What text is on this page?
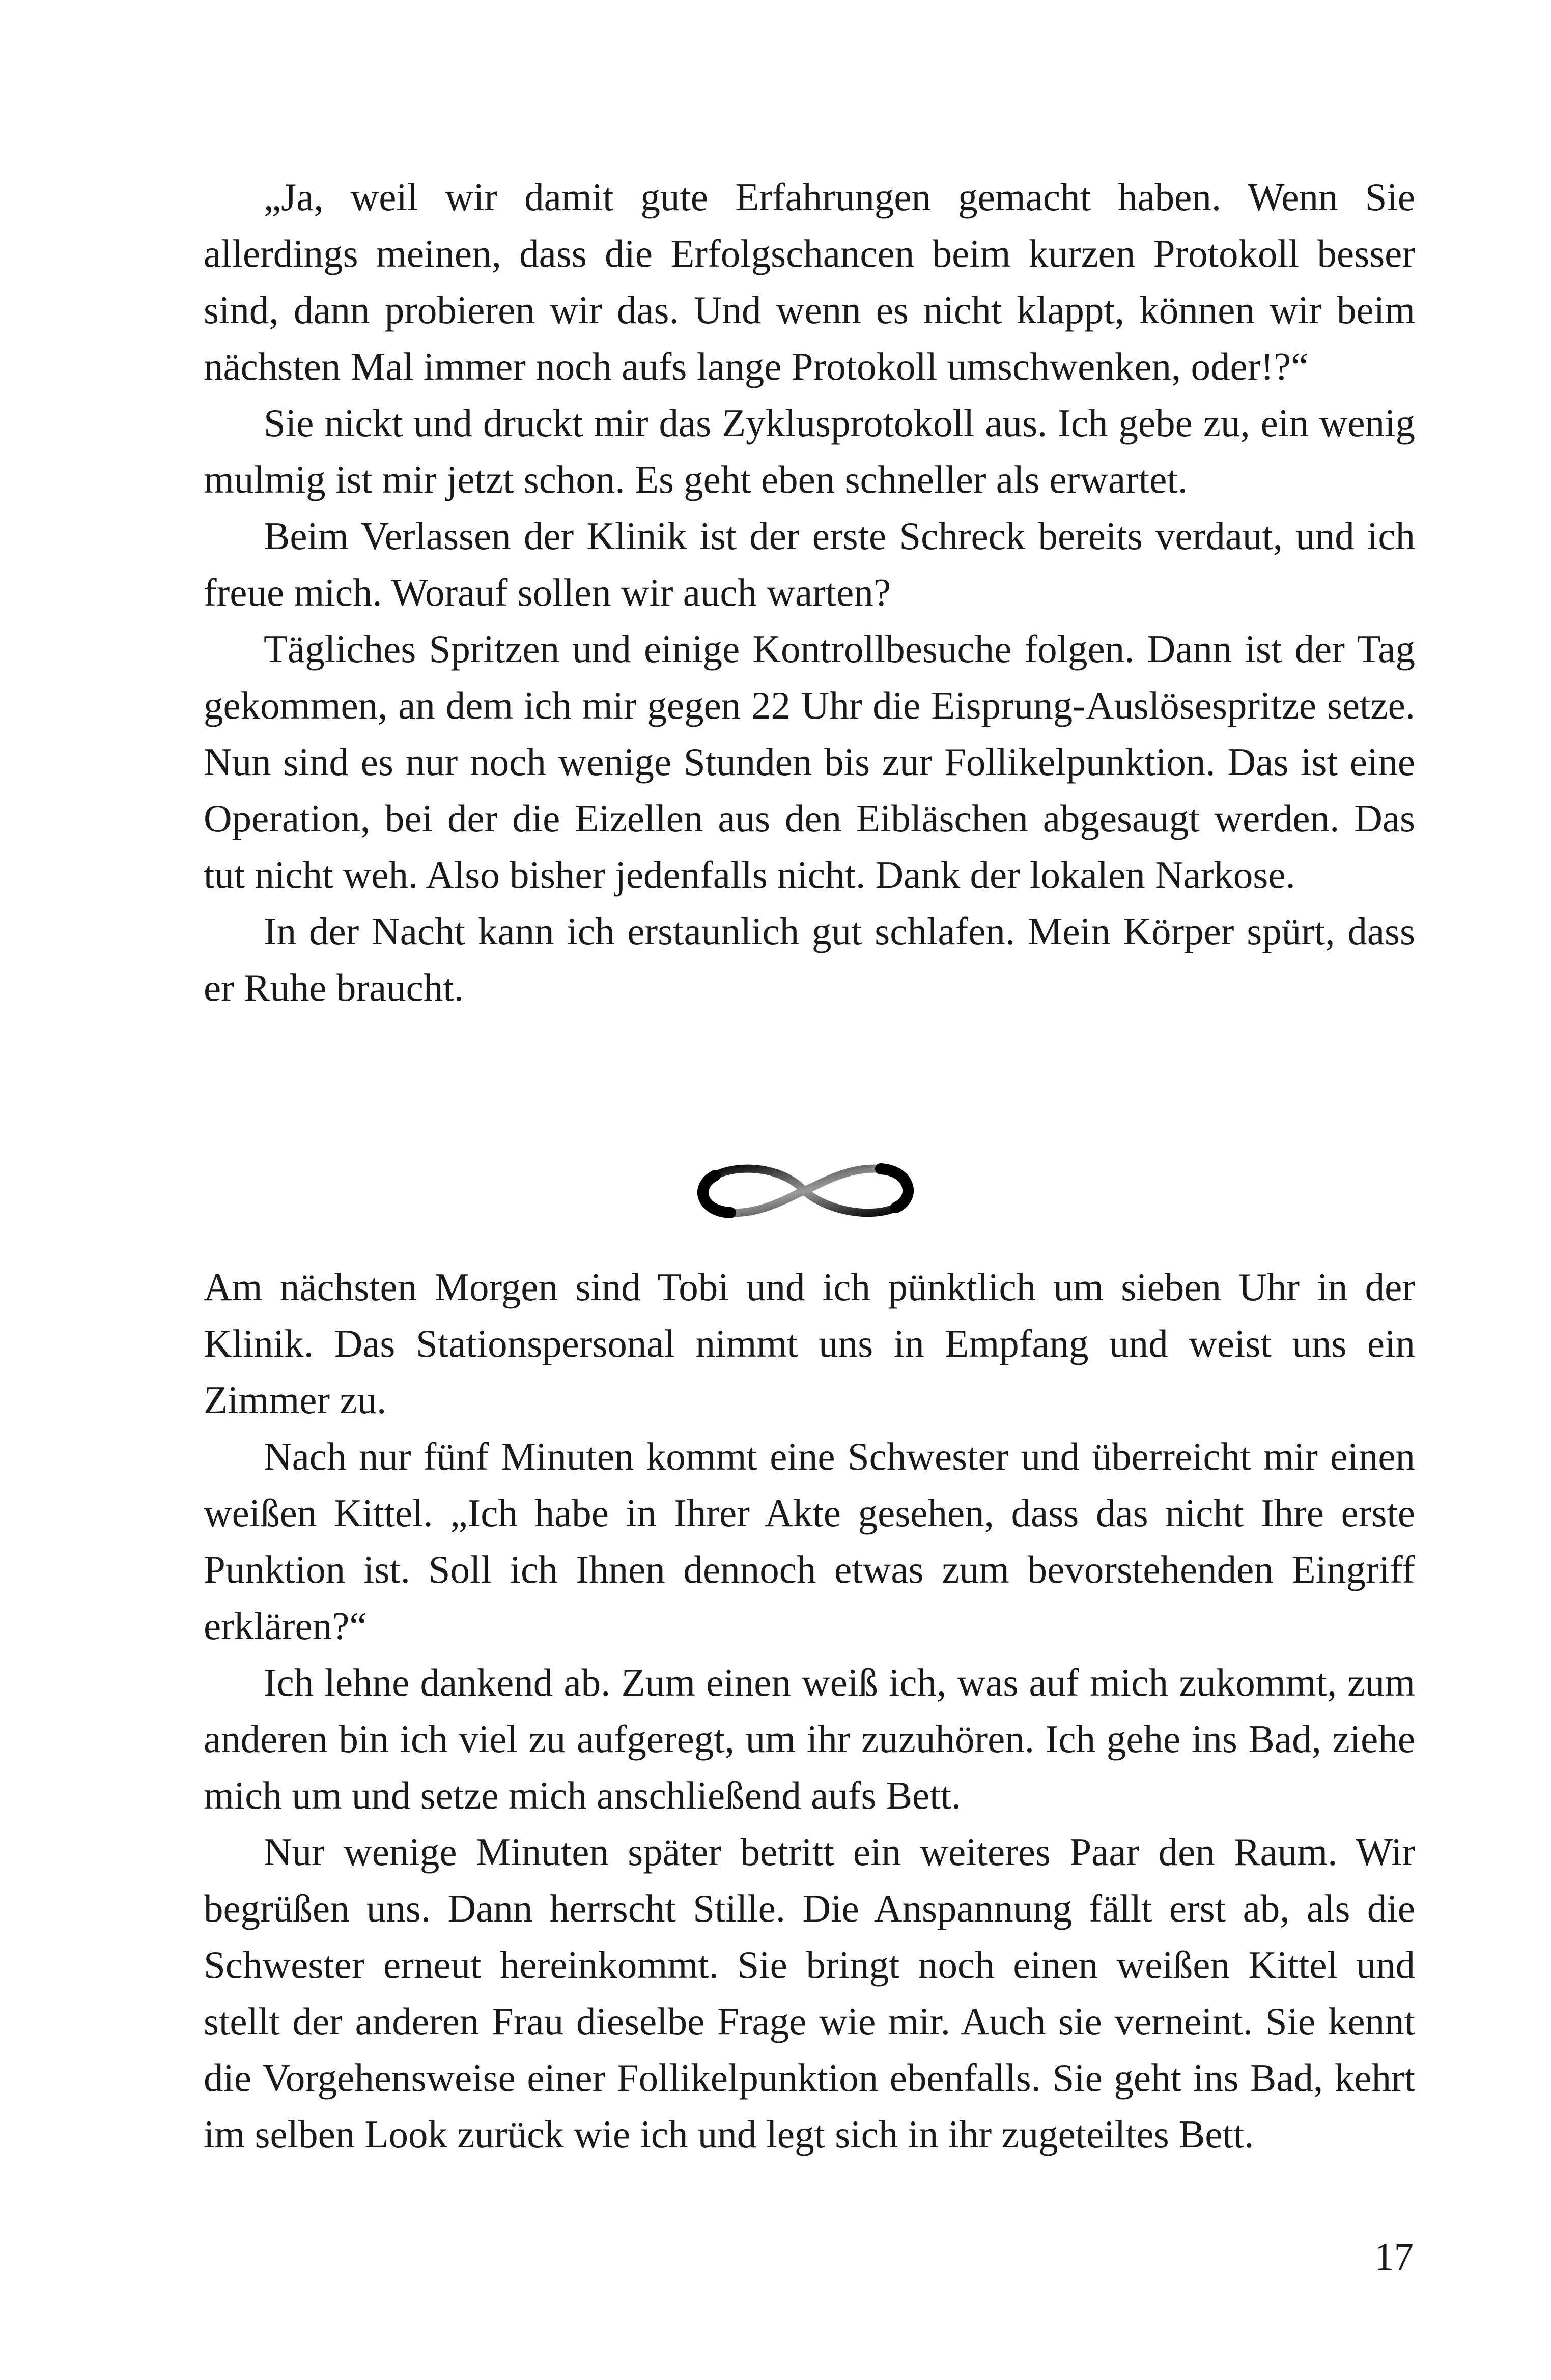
„Ja, weil wir damit gute Erfahrungen gemacht haben. Wenn Sie allerdings meinen, dass die Erfolgschancen beim kurzen Protokoll besser sind, dann probieren wir das. Und wenn es nicht klappt, können wir beim nächsten Mal immer noch aufs lange Protokoll umschwenken, oder!?“

Sie nickt und druckt mir das Zyklusprotokoll aus. Ich gebe zu, ein wenig mulmig ist mir jetzt schon. Es geht eben schneller als erwartet.

Beim Verlassen der Klinik ist der erste Schreck bereits verdaut, und ich freue mich. Worauf sollen wir auch warten?

Tägliches Spritzen und einige Kontrollbesuche folgen. Dann ist der Tag gekommen, an dem ich mir gegen 22 Uhr die Eisprung-Auslösespritze setze. Nun sind es nur noch wenige Stunden bis zur Follikelpunktion. Das ist eine Operation, bei der die Eizellen aus den Eibläschen abgesaugt werden. Das tut nicht weh. Also bisher jedenfalls nicht. Dank der lokalen Narkose.

In der Nacht kann ich erstaunlich gut schlafen. Mein Körper spürt, dass er Ruhe braucht.

Am nächsten Morgen sind Tobi und ich pünktlich um sieben Uhr in der Klinik. Das Stationspersonal nimmt uns in Empfang und weist uns ein Zimmer zu.

Nach nur fünf Minuten kommt eine Schwester und überreicht mir einen weißen Kittel. „Ich habe in Ihrer Akte gesehen, dass das nicht Ihre erste Punktion ist. Soll ich Ihnen dennoch etwas zum bevorstehenden Eingriff erklären?“

Ich lehne dankend ab. Zum einen weiß ich, was auf mich zukommt, zum anderen bin ich viel zu aufgeregt, um ihr zuzuhören. Ich gehe ins Bad, ziehe mich um und setze mich anschließend aufs Bett.

Nur wenige Minuten später betritt ein weiteres Paar den Raum. Wir begrüßen uns. Dann herrscht Stille. Die Anspannung fällt erst ab, als die Schwester erneut hereinkommt. Sie bringt noch einen weißen Kittel und stellt der anderen Frau dieselbe Frage wie mir. Auch sie verneint. Sie kennt die Vorgehensweise einer Follikelpunktion ebenfalls. Sie geht ins Bad, kehrt im selben Look zurück wie ich und legt sich in ihr zugeteiltes Bett.

17
